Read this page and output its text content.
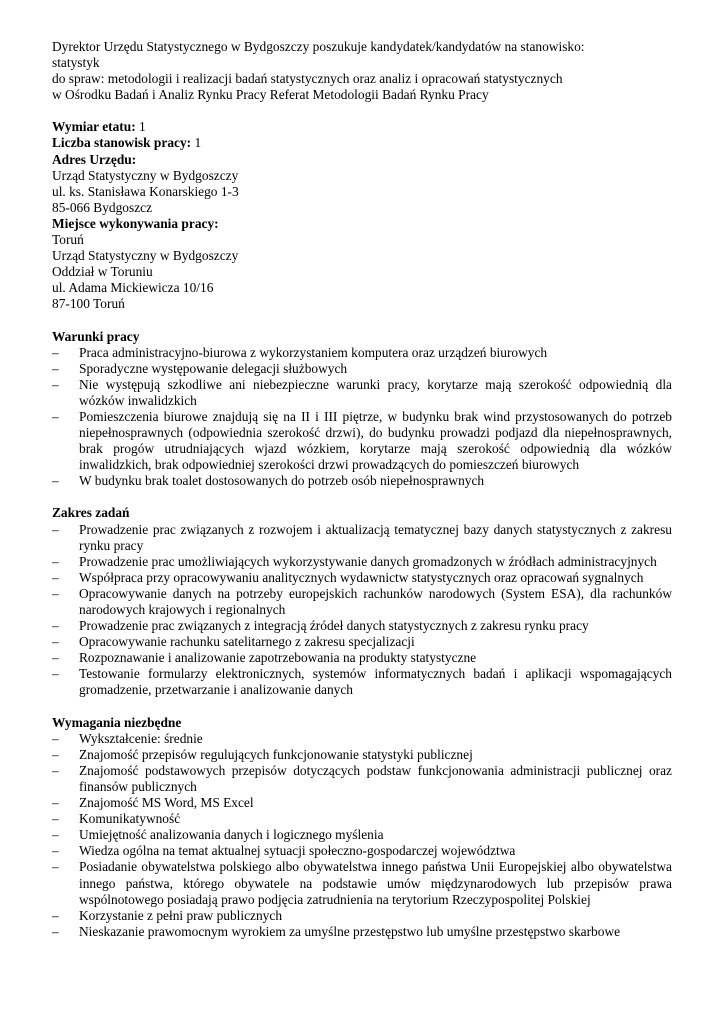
Dyrektor Urzędu Statystycznego w Bydgoszczy poszukuje kandydatek/kandydatów na stanowisko:
statystyk
do spraw: metodologii i realizacji badań statystycznych oraz analiz i opracowań statystycznych
w Ośrodku Badań i Analiz Rynku Pracy Referat Metodologii Badań Rynku Pracy
Wymiar etatu: 1
Liczba stanowisk pracy: 1
Adres Urzędu:
Urząd Statystyczny w Bydgoszczy
ul. ks. Stanisława Konarskiego 1-3
85-066 Bydgoszcz
Miejsce wykonywania pracy:
Toruń
Urząd Statystyczny w Bydgoszczy
Oddział w Toruniu
ul. Adama Mickiewicza 10/16
87-100 Toruń
Warunki pracy
– Praca administracyjno-biurowa z wykorzystaniem komputera oraz urządzeń biurowych
– Sporadyczne występowanie delegacji służbowych
– Nie występują szkodliwe ani niebezpieczne warunki pracy, korytarze mają szerokość odpowiednią dla wózków inwalidzkich
– Pomieszczenia biurowe znajdują się na II i III piętrze, w budynku brak wind przystosowanych do potrzeb niepełnosprawnych (odpowiednia szerokość drzwi), do budynku prowadzi podjazd dla niepełnosprawnych, brak progów utrudniających wjazd wózkiem, korytarze mają szerokość odpowiednią dla wózków inwalidzkich, brak odpowiedniej szerokości drzwi prowadzących do pomieszczeń biurowych
– W budynku brak toalet dostosowanych do potrzeb osób niepełnosprawnych
Zakres zadań
– Prowadzenie prac związanych z rozwojem i aktualizacją tematycznej bazy danych statystycznych z zakresu rynku pracy
– Prowadzenie prac umożliwiających wykorzystywanie danych gromadzonych w źródłach administracyjnych
– Współpraca przy opracowywaniu analitycznych wydawnictw statystycznych oraz opracowań sygnalnych
– Opracowywanie danych na potrzeby europejskich rachunków narodowych (System ESA), dla rachunków narodowych krajowych i regionalnych
– Prowadzenie prac związanych z integracją źródeł danych statystycznych z zakresu rynku pracy
– Opracowywanie rachunku satelitarnego z zakresu specjalizacji
– Rozpoznawanie i analizowanie zapotrzebowania na produkty statystyczne
– Testowanie formularzy elektronicznych, systemów informatycznych badań i aplikacji wspomagających gromadzenie, przetwarzanie i analizowanie danych
Wymagania niezbędne
– Wykształcenie: średnie
– Znajomość przepisów regulujących funkcjonowanie statystyki publicznej
– Znajomość podstawowych przepisów dotyczących podstaw funkcjonowania administracji publicznej oraz finansów publicznych
– Znajomość MS Word, MS Excel
– Komunikatywność
– Umiejętność analizowania danych i logicznego myślenia
– Wiedza ogólna na temat aktualnej sytuacji społeczno-gospodarczej województwa
– Posiadanie obywatelstwa polskiego albo obywatelstwa innego państwa Unii Europejskiej albo obywatelstwa innego państwa, którego obywatele na podstawie umów międzynarodowych lub przepisów prawa wspólnotowego posiadają prawo podjęcia zatrudnienia na terytorium Rzeczypospolitej Polskiej
– Korzystanie z pełni praw publicznych
– Nieskazanie prawomocnym wyrokiem za umyślne przestępstwo lub umyślne przestępstwo skarbowe
